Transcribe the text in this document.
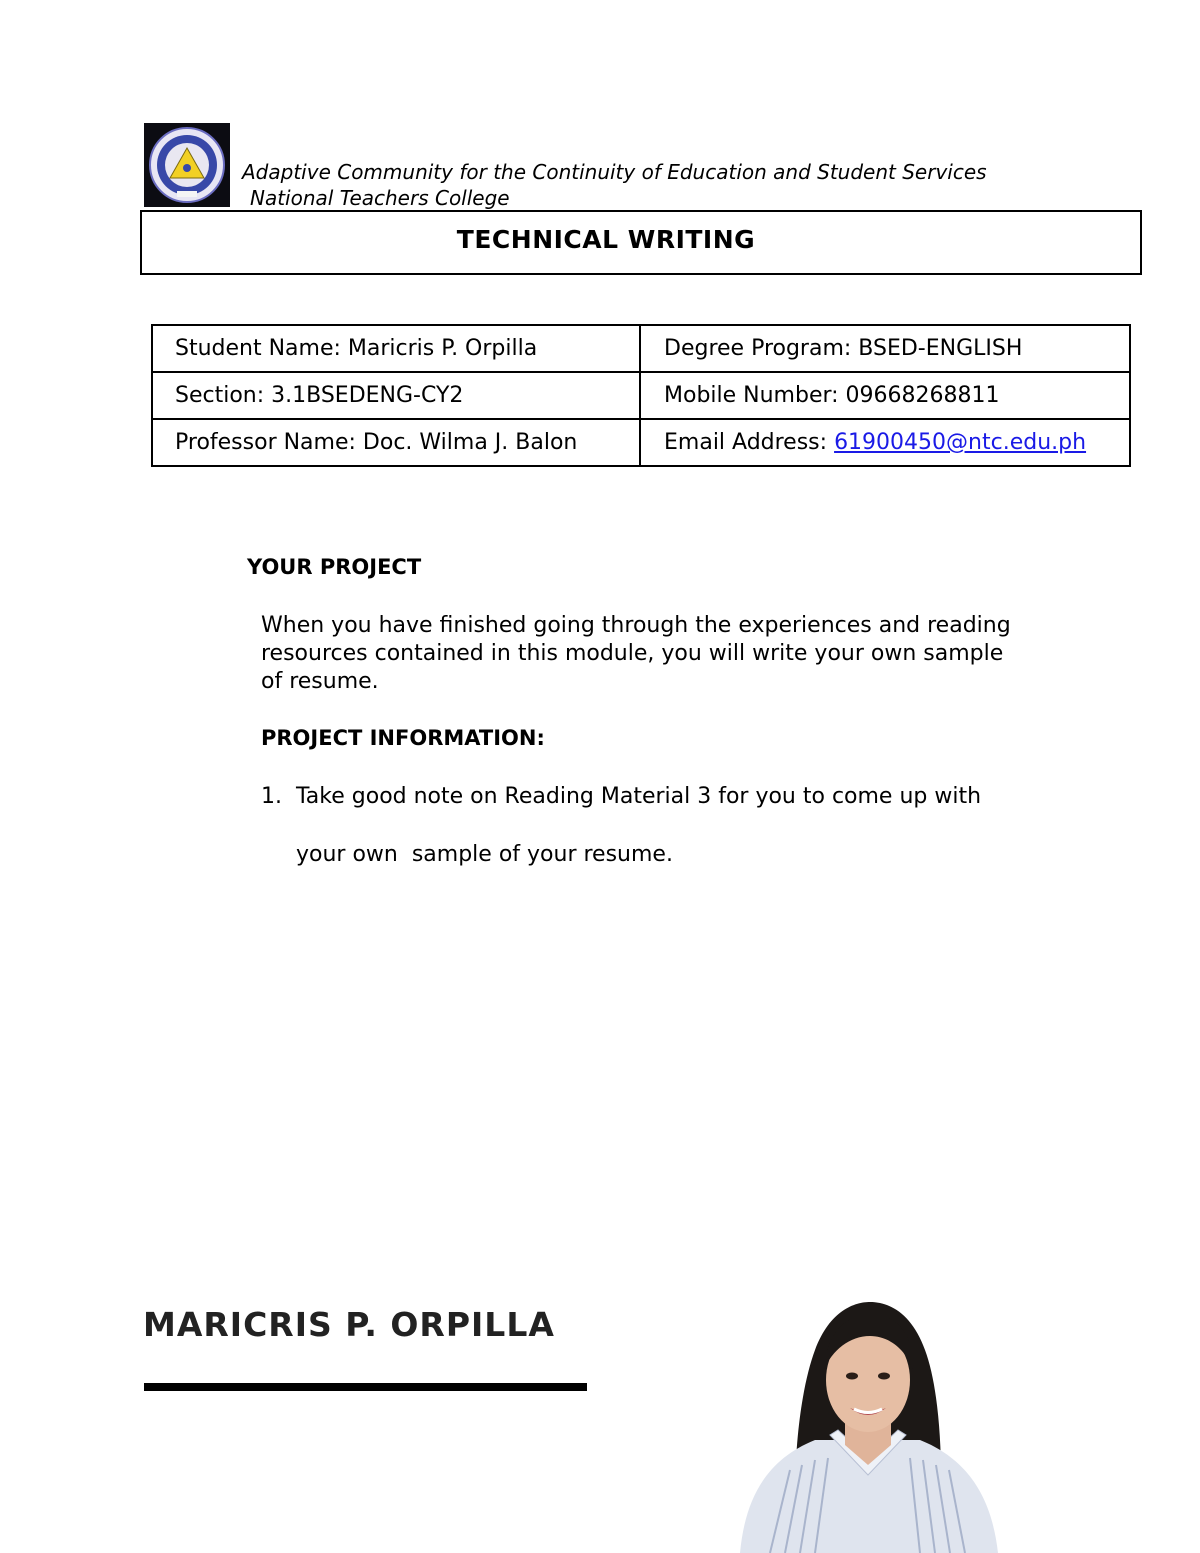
Adaptive Community for the Continuity of Education and Student Services
National Teachers College
TECHNICAL WRITING
Student Name: Maricris P. Orpilla	Degree Program: BSED-ENGLISH
Section: 3.1BSEDENG-CY2	Mobile Number: 09668268811
Professor Name: Doc. Wilma J. Balon	Email Address: 61900450@ntc.edu.ph
YOUR PROJECT
When you have finished going through the experiences and reading resources contained in this module, you will write your own sample of resume.
PROJECT INFORMATION:
1. Take good note on Reading Material 3 for you to come up with
your own  sample of your resume.
MARICRIS P. ORPILLA
